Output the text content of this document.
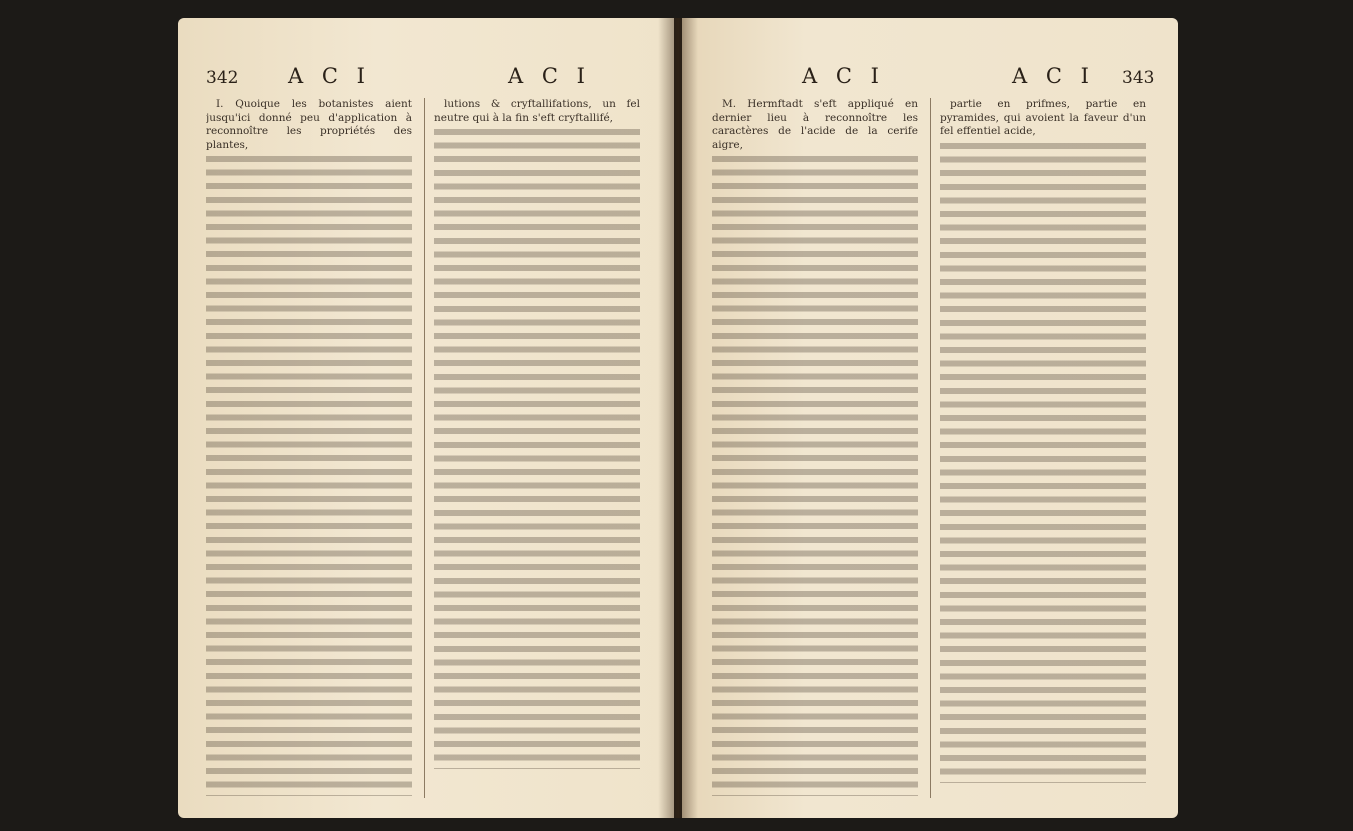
342 A C I	A C I

I. Quoique les botanistes aient jusqu'ici donné peu d'application à reconnoître les propriétés des plantes,

lutions & cryftallifations, un fel neutre qui à la fin s'eft cryftallifé,

A C I	A C I 343

M. Hermftadt s'eft appliqué en dernier lieu à reconnoître les caractères de l'acide de la cerife aigre,

partie en prifmes, partie en pyramides, qui avoient la faveur d'un fel effentiel acide,
